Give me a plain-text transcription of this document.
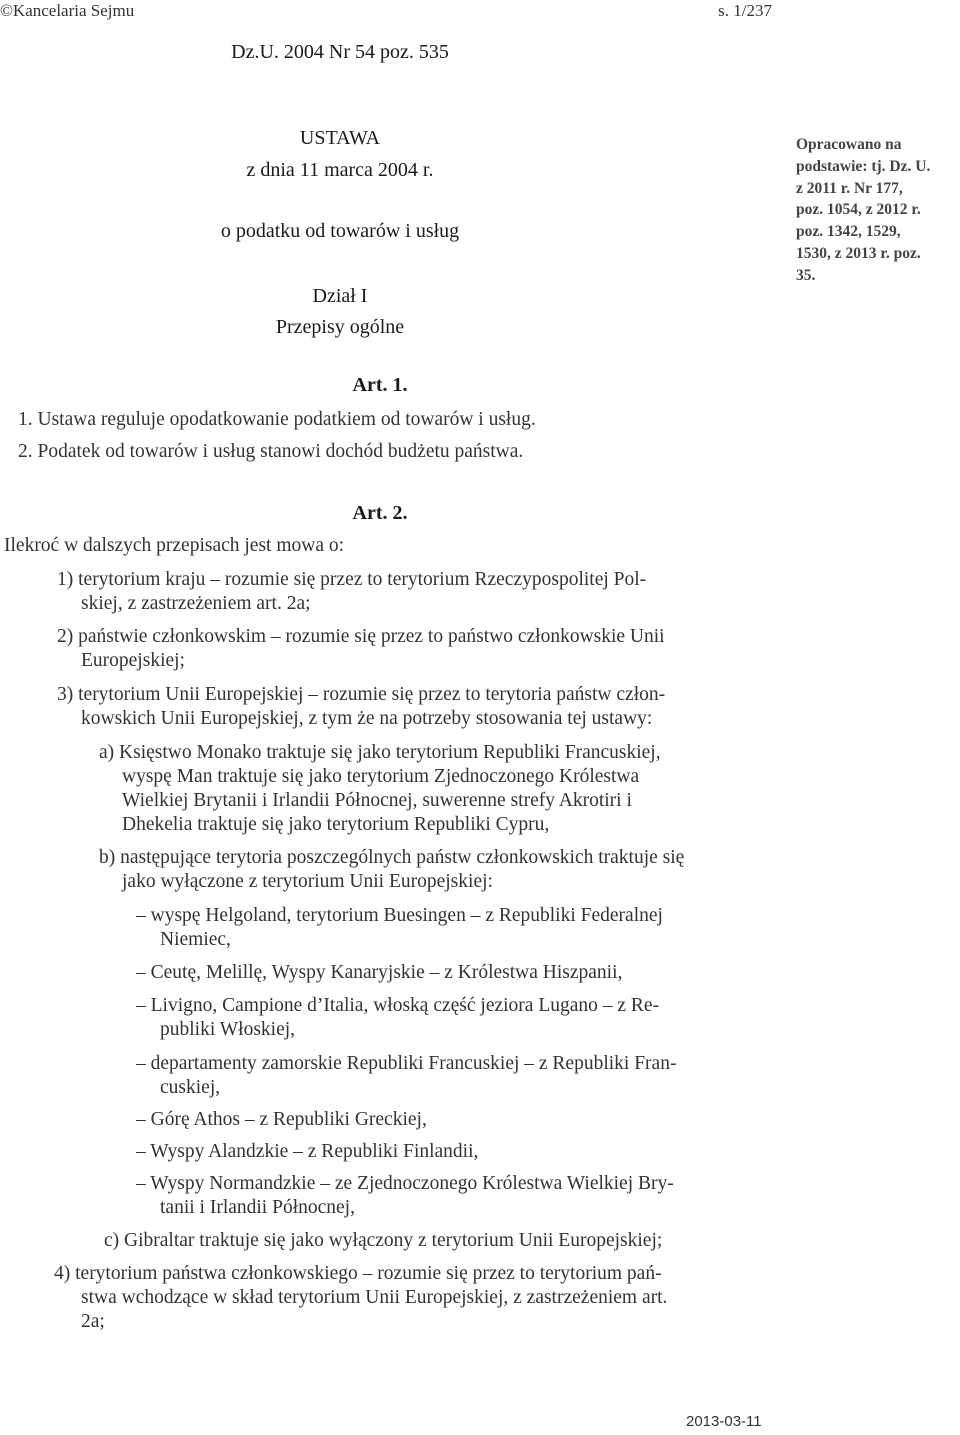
©Kancelaria Sejmu	s. 1/237
Dz.U. 2004 Nr 54 poz. 535
USTAWA
z dnia 11 marca 2004 r.
o podatku od towarów i usług
Dział I
Przepisy ogólne
Opracowano na
podstawie: tj. Dz. U.
z 2011 r. Nr 177,
poz. 1054, z 2012 r.
poz. 1342, 1529,
1530, z 2013 r. poz.
35.
Art. 1.
1. Ustawa reguluje opodatkowanie podatkiem od towarów i usług.
2. Podatek od towarów i usług stanowi dochód budżetu państwa.
Art. 2.
Ilekroć w dalszych przepisach jest mowa o:
1) terytorium kraju – rozumie się przez to terytorium Rzeczypospolitej Pol-
skiej, z zastrzeżeniem art. 2a;
2) państwie członkowskim – rozumie się przez to państwo członkowskie Unii
Europejskiej;
3) terytorium Unii Europejskiej – rozumie się przez to terytoria państw człon-
kowskich Unii Europejskiej, z tym że na potrzeby stosowania tej ustawy:
a) Księstwo Monako traktuje się jako terytorium Republiki Francuskiej,
wyspę Man traktuje się jako terytorium Zjednoczonego Królestwa
Wielkiej Brytanii i Irlandii Północnej, suwerenne strefy Akrotiri i
Dhekelia traktuje się jako terytorium Republiki Cypru,
b) następujące terytoria poszczególnych państw członkowskich traktuje się
jako wyłączone z terytorium Unii Europejskiej:
– wyspę Helgoland, terytorium Buesingen – z Republiki Federalnej
Niemiec,
– Ceutę, Melillę, Wyspy Kanaryjskie – z Królestwa Hiszpanii,
– Livigno, Campione d’Italia, włoską część jeziora Lugano – z Re-
publiki Włoskiej,
– departamenty zamorskie Republiki Francuskiej – z Republiki Fran-
cuskiej,
– Górę Athos – z Republiki Greckiej,
– Wyspy Alandzkie – z Republiki Finlandii,
– Wyspy Normandzkie – ze Zjednoczonego Królestwa Wielkiej Bry-
tanii i Irlandii Północnej,
c) Gibraltar traktuje się jako wyłączony z terytorium Unii Europejskiej;
4) terytorium państwa członkowskiego – rozumie się przez to terytorium pań-
stwa wchodzące w skład terytorium Unii Europejskiej, z zastrzeżeniem art.
2a;
2013-03-11
